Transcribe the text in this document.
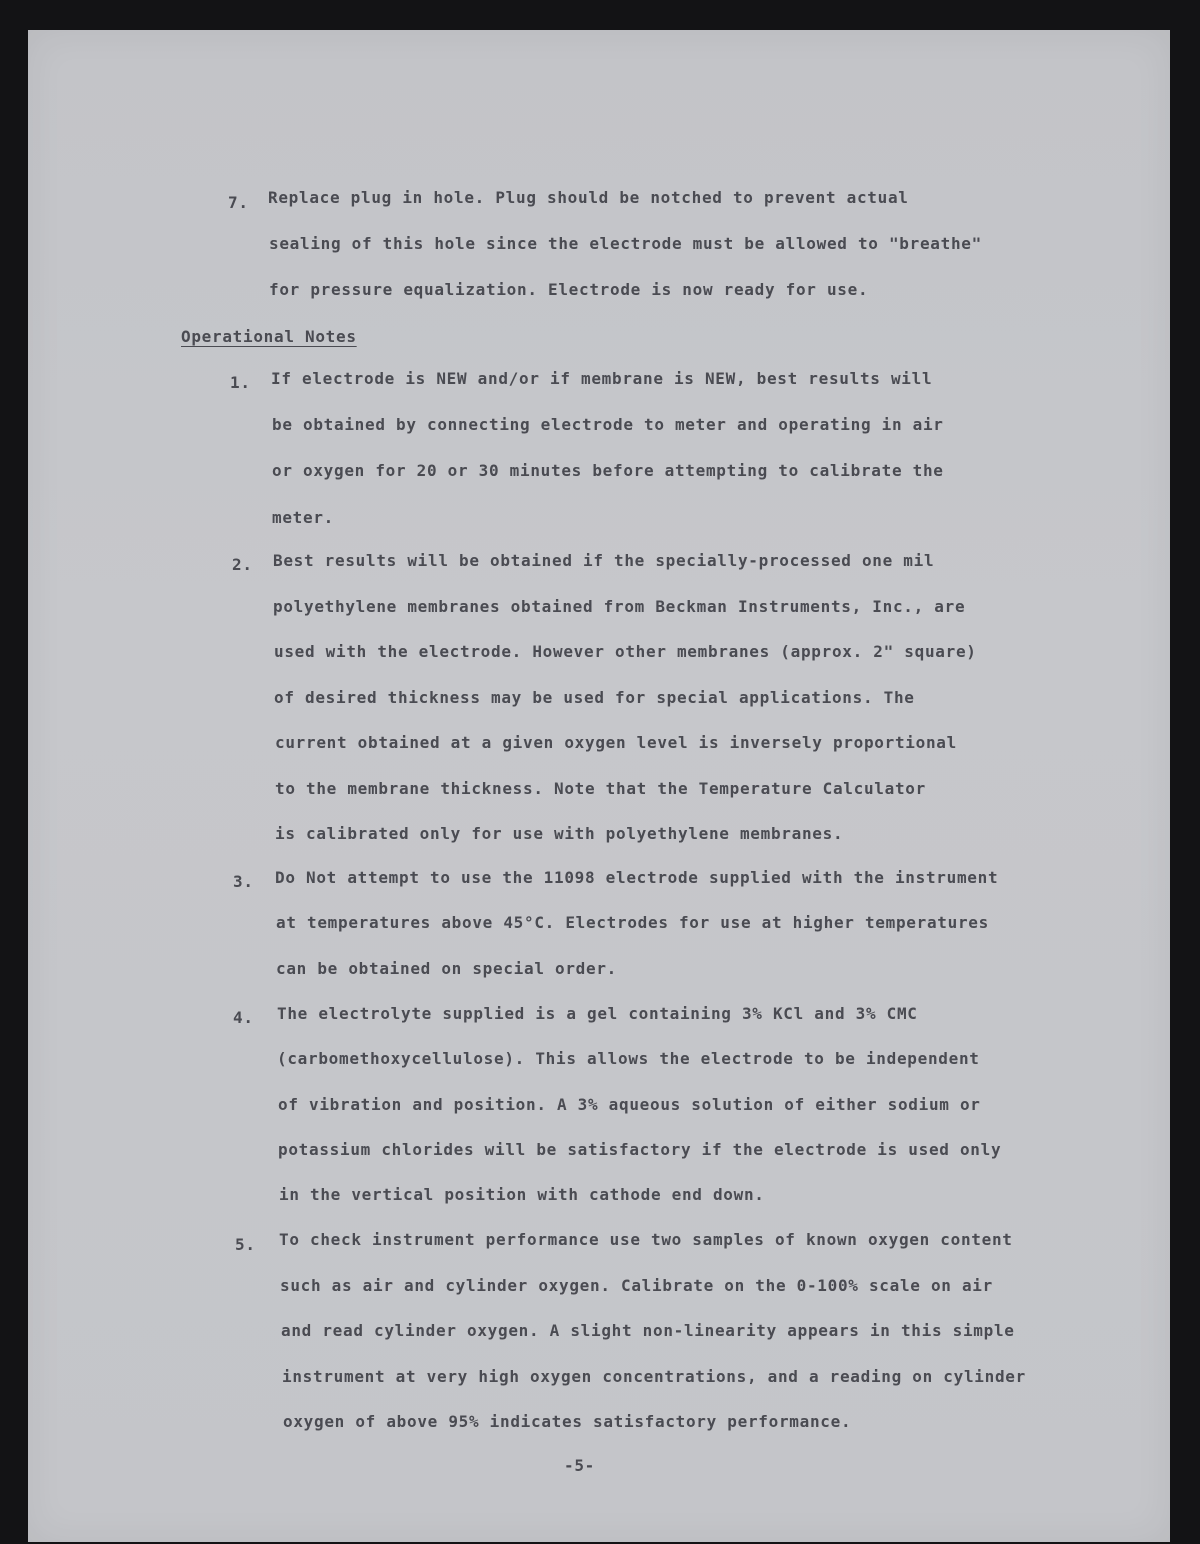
7.	Replace plug in hole. Plug should be notched to prevent actual
sealing of this hole since the electrode must be allowed to "breathe"
for pressure equalization. Electrode is now ready for use.
Operational Notes
1.	If electrode is NEW and/or if membrane is NEW, best results will
be obtained by connecting electrode to meter and operating in air
or oxygen for 20 or 30 minutes before attempting to calibrate the
meter.
2.	Best results will be obtained if the specially-processed one mil
polyethylene membranes obtained from Beckman Instruments, Inc., are
used with the electrode. However other membranes (approx. 2" square)
of desired thickness may be used for special applications. The
current obtained at a given oxygen level is inversely proportional
to the membrane thickness. Note that the Temperature Calculator
is calibrated only for use with polyethylene membranes.
3.	Do Not attempt to use the 11098 electrode supplied with the instrument
at temperatures above 45°C. Electrodes for use at higher temperatures
can be obtained on special order.
4.	The electrolyte supplied is a gel containing 3% KCl and 3% CMC
(carbomethoxycellulose). This allows the electrode to be independent
of vibration and position. A 3% aqueous solution of either sodium or
potassium chlorides will be satisfactory if the electrode is used only
in the vertical position with cathode end down.
5.	To check instrument performance use two samples of known oxygen content
such as air and cylinder oxygen. Calibrate on the 0-100% scale on air
and read cylinder oxygen. A slight non-linearity appears in this simple
instrument at very high oxygen concentrations, and a reading on cylinder
oxygen of above 95% indicates satisfactory performance.
-5-
